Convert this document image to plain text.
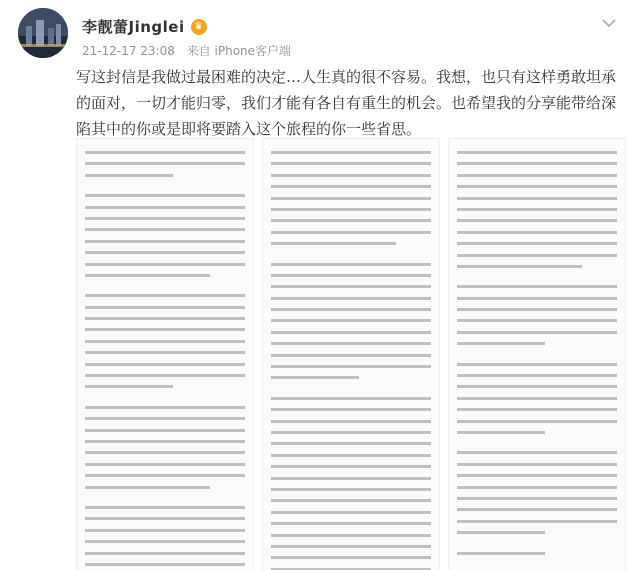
李靓蕾Jinglei ♛
21-12-17 23:08 来自 iPhone客户端
写这封信是我做过最困难的决定…人生真的很不容易。我想，也只有这样勇敢坦承的面对，一切才能归零，我们才能有各自有重生的机会。也希望我的分享能带给深陷其中的你或是即将要踏入这个旅程的你一些省思。
